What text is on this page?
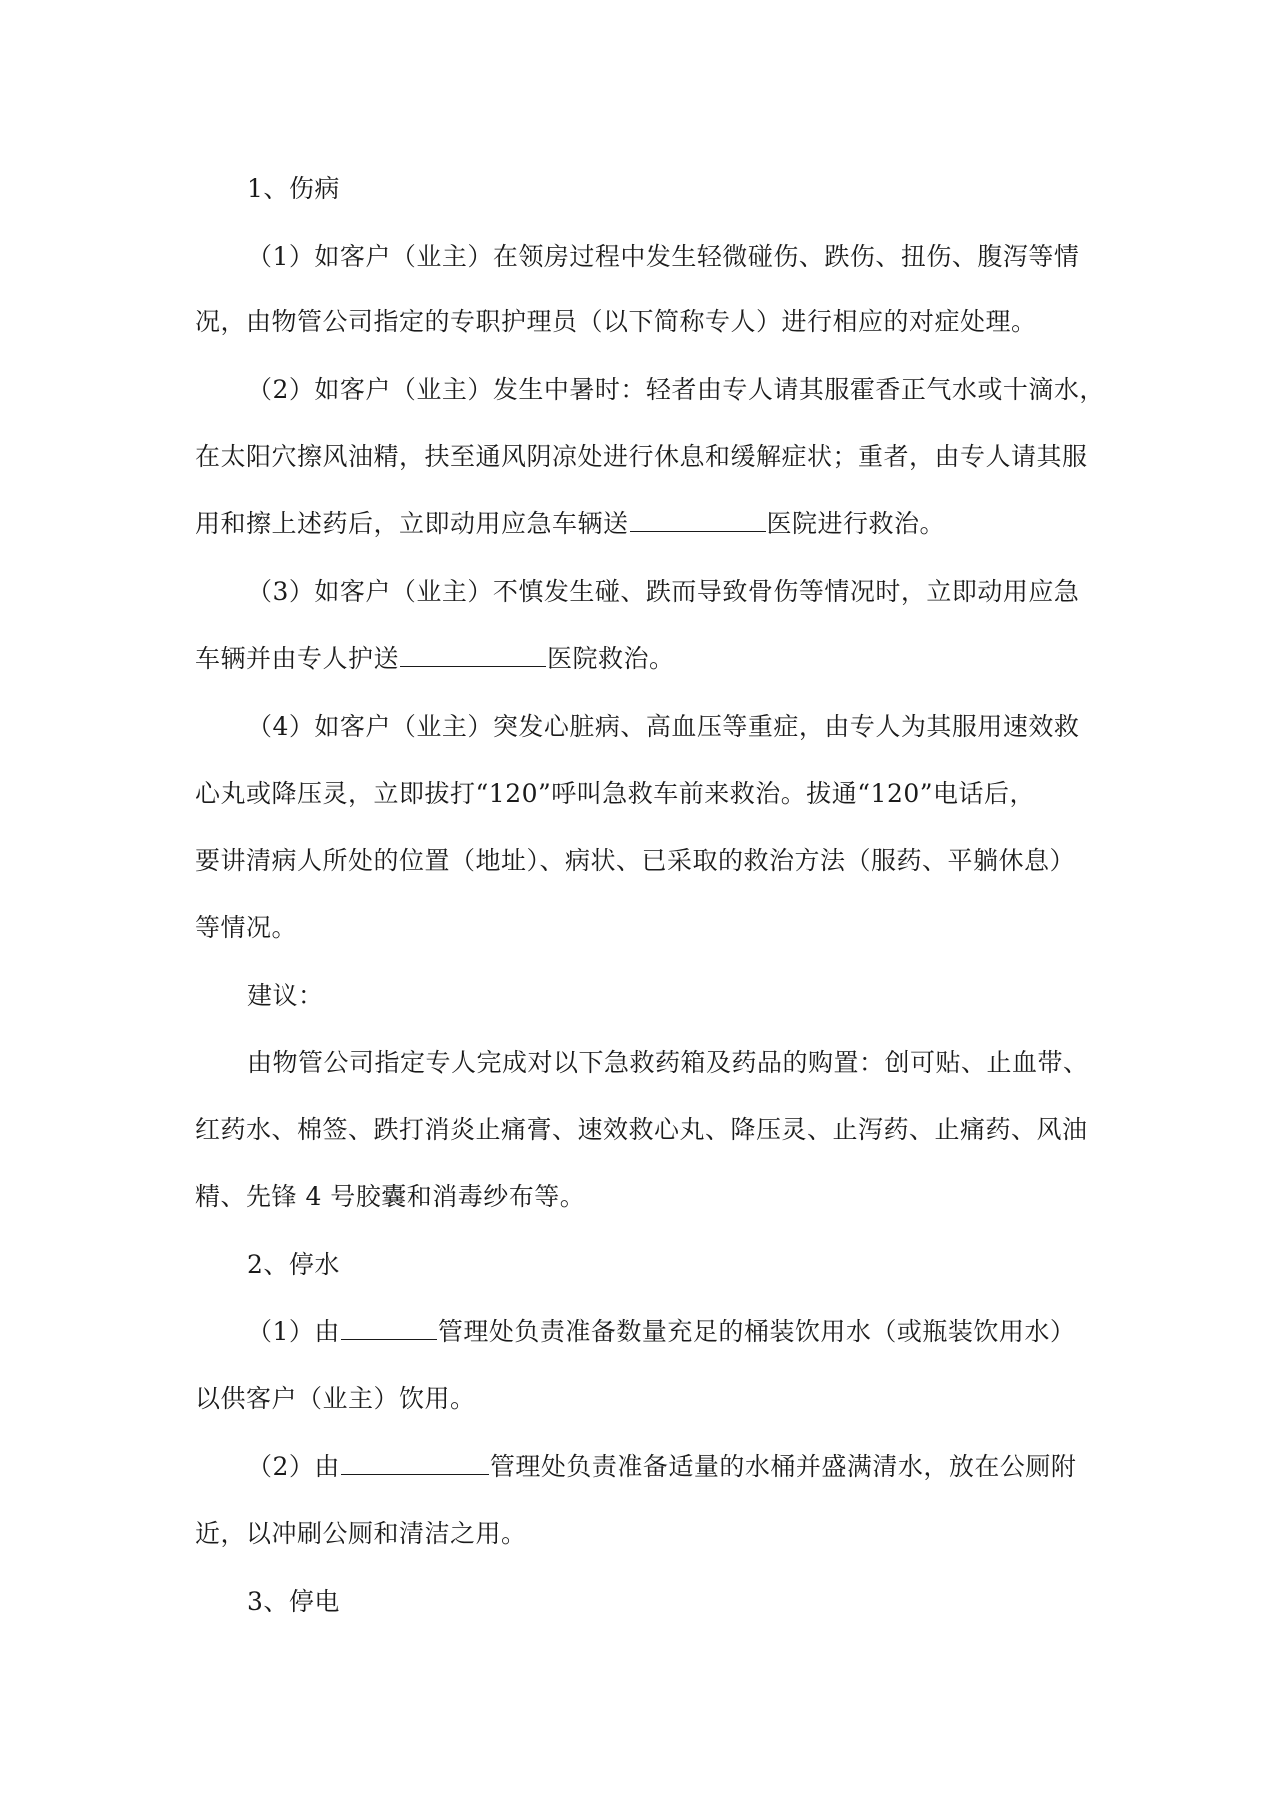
1、伤病
（1）如客户（业主）在领房过程中发生轻微碰伤、跌伤、扭伤、腹泻等情
况，由物管公司指定的专职护理员（以下简称专人）进行相应的对症处理。
（2）如客户（业主）发生中暑时：轻者由专人请其服霍香正气水或十滴水，
在太阳穴擦风油精，扶至通风阴凉处进行休息和缓解症状；重者，由专人请其服
用和擦上述药后，立即动用应急车辆送	医院进行救治。
（3）如客户（业主）不慎发生碰、跌而导致骨伤等情况时，立即动用应急
车辆并由专人护送	医院救治。
（4）如客户（业主）突发心脏病、高血压等重症，由专人为其服用速效救
心丸或降压灵，立即拔打“120”呼叫急救车前来救治。拔通“120”电话后，
要讲清病人所处的位置（地址）、病状、已采取的救治方法（服药、平躺休息）
等情况。
建议：
由物管公司指定专人完成对以下急救药箱及药品的购置：创可贴、止血带、
红药水、棉签、跌打消炎止痛膏、速效救心丸、降压灵、止泻药、止痛药、风油
精、先锋 4 号胶囊和消毒纱布等。
2、停水
（1）由	管理处负责准备数量充足的桶装饮用水（或瓶装饮用水）
以供客户（业主）饮用。
（2）由	管理处负责准备适量的水桶并盛满清水，放在公厕附
近，以冲刷公厕和清洁之用。
3、停电
